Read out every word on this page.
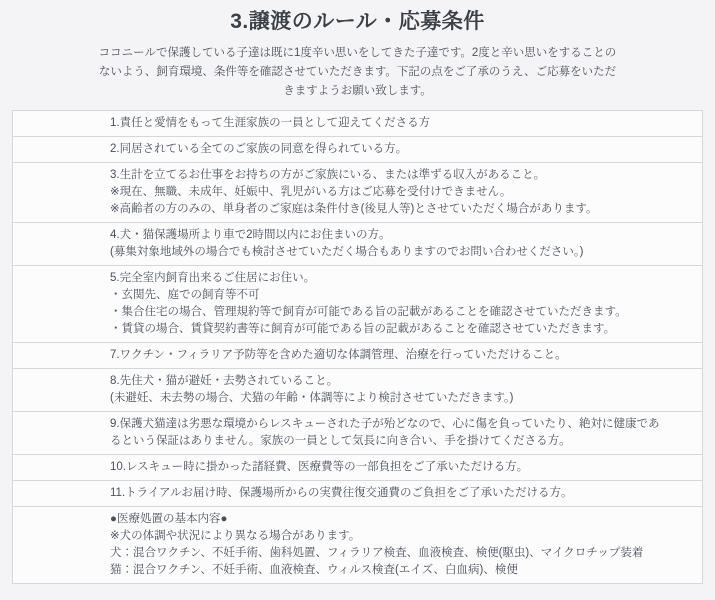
3.譲渡のルール・応募条件

ココニールで保護している子達は既に1度辛い思いをしてきた子達です。2度と辛い思いをすることのないよう、飼育環境、条件等を確認させていただきます。下記の点をご了承のうえ、ご応募をいただきますようお願い致します。

1.責任と愛情をもって生涯家族の一員として迎えてくださる方
2.同居されている全てのご家族の同意を得られている方。
3.生計を立てるお仕事をお持ちの方がご家族にいる、または準ずる収入があること。
※現在、無職、未成年、妊娠中、乳児がいる方はご応募を受付けできません。
※高齢者の方のみの、単身者のご家庭は条件付き(後見人等)とさせていただく場合があります。
4.犬・猫保護場所より車で2時間以内にお住まいの方。
(募集対象地域外の場合でも検討させていただく場合もありますのでお問い合わせください。)
5.完全室内飼育出来るご住居にお住い。
・玄関先、庭での飼育等不可
・集合住宅の場合、管理規約等で飼育が可能である旨の記載があることを確認させていただきます。
・賃貸の場合、賃貸契約書等に飼育が可能である旨の記載があることを確認させていただきます。
7.ワクチン・フィラリア予防等を含めた適切な体調管理、治療を行っていただけること。
8.先住犬・猫が避妊・去勢されていること。
(未避妊、未去勢の場合、犬猫の年齢・体調等により検討させていただきます。)
9.保護犬猫達は劣悪な環境からレスキューされた子が殆どなので、心に傷を負っていたり、絶対に健康であるという保証はありません。家族の一員として気長に向き合い、手を掛けてくださる方。
10.レスキュー時に掛かった諸経費、医療費等の一部負担をご了承いただける方。
11.トライアルお届け時、保護場所からの実費往復交通費のご負担をご了承いただける方。
●医療処置の基本内容●
※犬の体調や状況により異なる場合があります。
犬：混合ワクチン、不妊手術、歯科処置、フィラリア検査、血液検査、検便(駆虫)、マイクロチップ装着
猫：混合ワクチン、不妊手術、血液検査、ウィルス検査(エイズ、白血病)、検便
